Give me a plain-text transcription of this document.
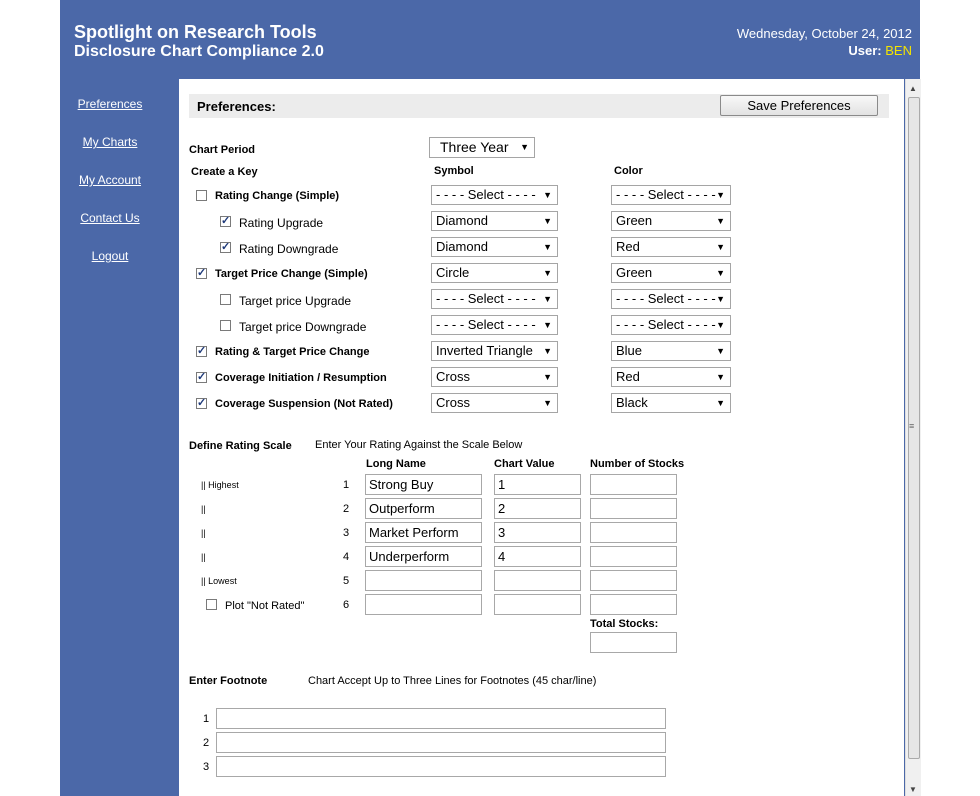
Spotlight on Research Tools
Disclosure Chart Compliance 2.0
Wednesday, October 24, 2012
User: BEN
Preferences
My Charts
My Account
Contact Us
Logout
▲
≡
▼
Preferences:	Save Preferences
Chart Period	Three Year ▼
Create a Key	Symbol	Color
Rating Change (Simple)	- - - - Select - - - - ▼	- - - - Select - - - - ▼
✓
Rating Upgrade	Diamond	▼	Green	▼
✓
Rating Downgrade	Diamond	▼	Red	▼
✓
Target Price Change (Simple)	Circle	▼	Green	▼
Target price Upgrade	- - - - Select - - - - ▼	- - - - Select - - - - ▼
Target price Downgrade	- - - - Select - - - - ▼	- - - - Select - - - - ▼
✓
Rating & Target Price Change	Inverted Triangle ▼	Blue	▼
✓
Coverage Initiation / Resumption	Cross	▼	Red	▼
✓
Coverage Suspension (Not Rated)	Cross	▼	Black	▼
Define Rating Scale Enter Your Rating Against the Scale Below
Long Name	Chart Value	Number of Stocks
|| Highest	1	Strong Buy	1
||	2	Outperform	2
||	3	Market Perform	3
||	4	Underperform	4
|| Lowest	5
Plot "Not Rated"	6
Total Stocks:
Enter Footnote	Chart Accept Up to Three Lines for Footnotes (45 char/line)
1
2
3
